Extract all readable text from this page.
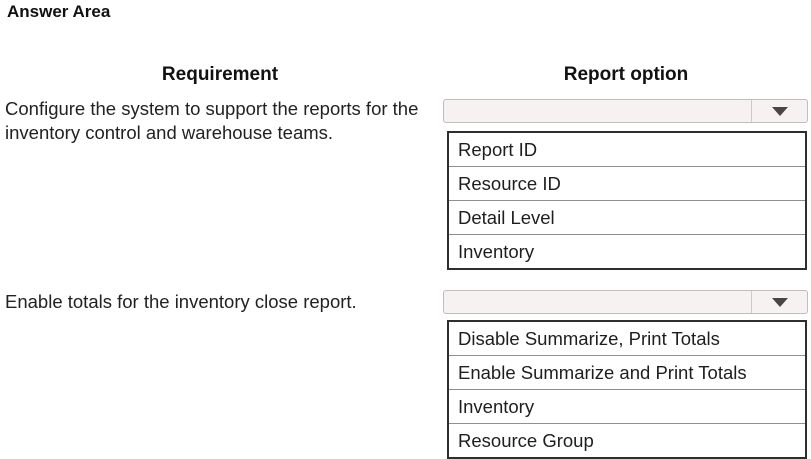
Answer Area
Requirement	Report option
Configure the system to support the reports for the inventory control and warehouse teams.
Report ID
Resource ID
Detail Level
Inventory
Enable totals for the inventory close report.
Disable Summarize, Print Totals
Enable Summarize and Print Totals
Inventory
Resource Group
